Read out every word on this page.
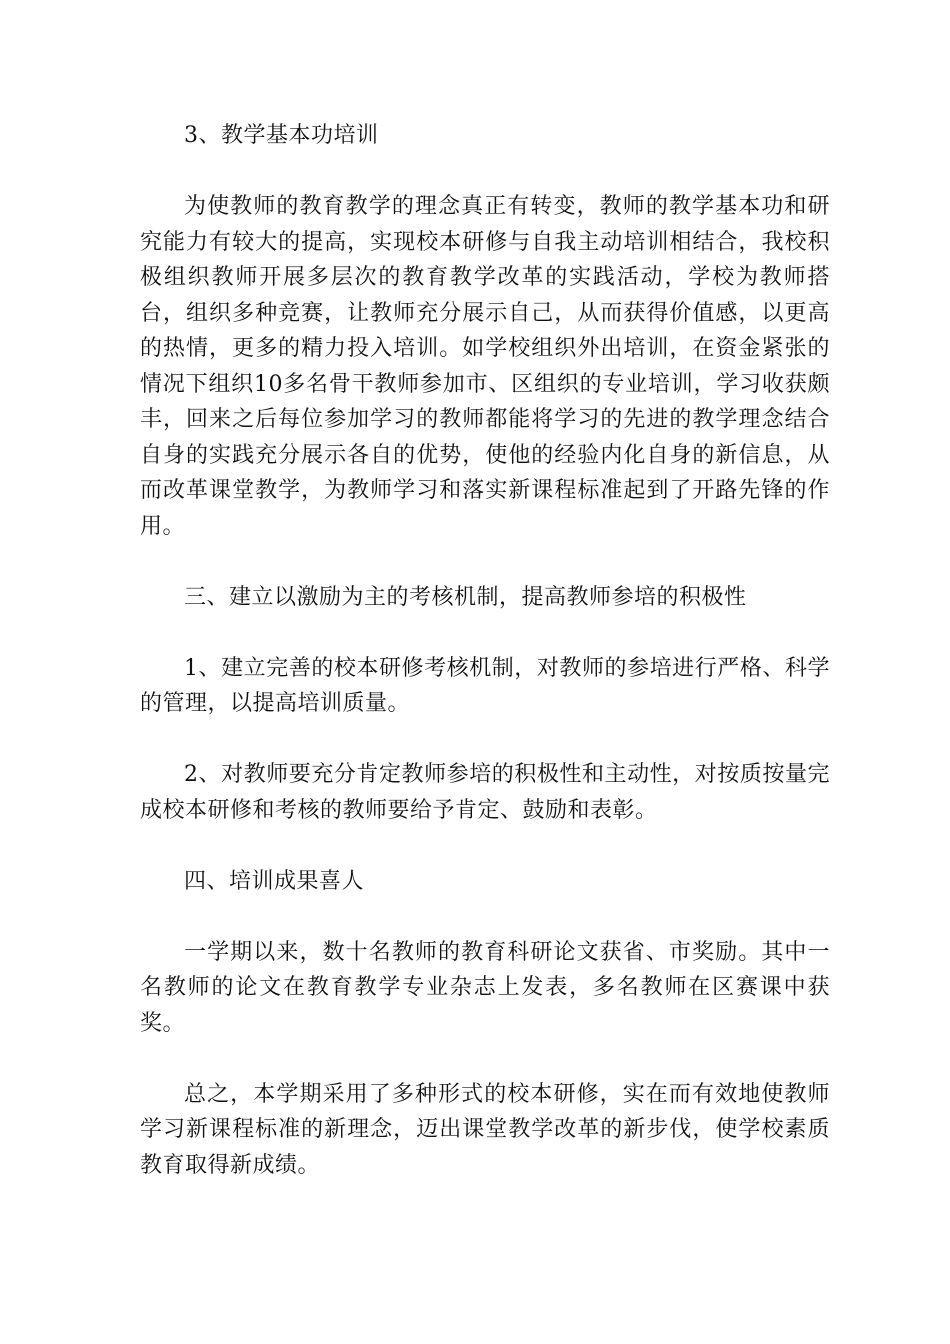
3、教学基本功培训

为使教师的教育教学的理念真正有转变，教师的教学基本功和研究能力有较大的提高，实现校本研修与自我主动培训相结合，我校积极组织教师开展多层次的教育教学改革的实践活动，学校为教师搭台，组织多种竞赛，让教师充分展示自己，从而获得价值感，以更高的热情，更多的精力投入培训。如学校组织外出培训，在资金紧张的情况下组织10多名骨干教师参加市、区组织的专业培训，学习收获颇丰，回来之后每位参加学习的教师都能将学习的先进的教学理念结合自身的实践充分展示各自的优势，使他的经验内化自身的新信息，从而改革课堂教学，为教师学习和落实新课程标准起到了开路先锋的作用。

三、建立以激励为主的考核机制，提高教师参培的积极性

1、建立完善的校本研修考核机制，对教师的参培进行严格、科学的管理，以提高培训质量。

2、对教师要充分肯定教师参培的积极性和主动性，对按质按量完成校本研修和考核的教师要给予肯定、鼓励和表彰。

四、培训成果喜人

一学期以来，数十名教师的教育科研论文获省、市奖励。其中一名教师的论文在教育教学专业杂志上发表，多名教师在区赛课中获奖。

总之，本学期采用了多种形式的校本研修，实在而有效地使教师学习新课程标准的新理念，迈出课堂教学改革的新步伐，使学校素质教育取得新成绩。
